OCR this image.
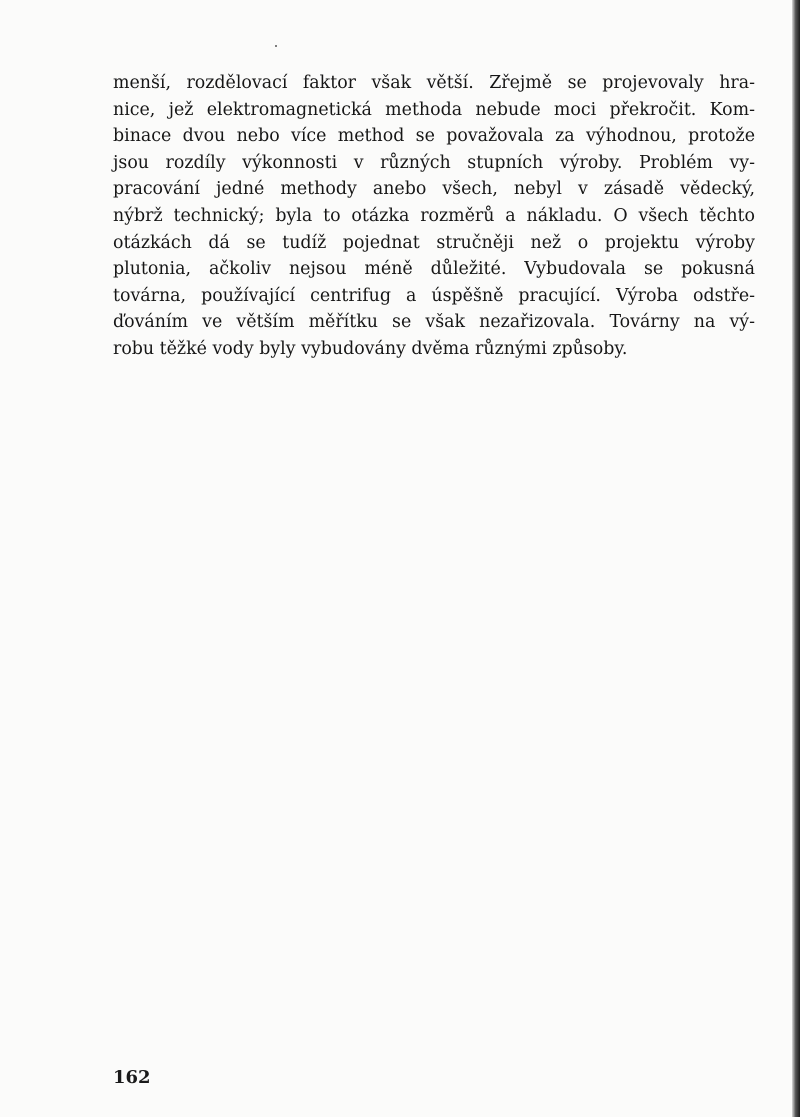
menší, rozdělovací faktor však větší. Zřejmě se projevovaly hra-
nice, jež elektromagnetická methoda nebude moci překročit. Kom-
binace dvou nebo více method se považovala za výhodnou, protože
jsou rozdíly výkonnosti v různých stupních výroby. Problém vy-
pracování jedné methody anebo všech, nebyl v zásadě vědecký,
nýbrž technický; byla to otázka rozměrů a nákladu. O všech těchto
otázkách dá se tudíž pojednat stručněji než o projektu výroby
plutonia, ačkoliv nejsou méně důležité. Vybudovala se pokusná
továrna, používající centrifug a úspěšně pracující. Výroba odstře-
ďováním ve větším měřítku se však nezařizovala. Továrny na vý-
robu těžké vody byly vybudovány dvěma různými způsoby.

162
